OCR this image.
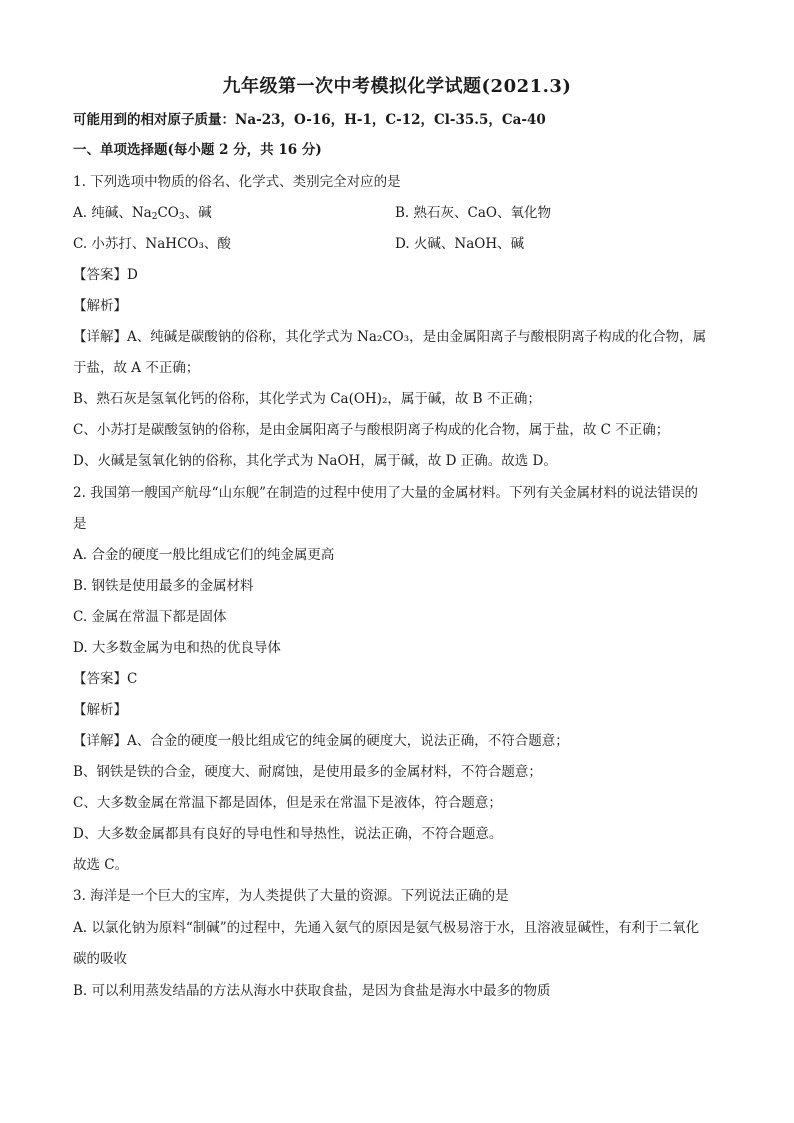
九年级第一次中考模拟化学试题(2021.3)
可能用到的相对原子质量：Na-23，O-16，H-1，C-12，Cl-35.5，Ca-40
一、单项选择题(每小题 2 分，共 16 分)
1. 下列选项中物质的俗名、化学式、类别完全对应的是
A. 纯碱、$Na_2CO_3$、碱	B. 熟石灰、CaO、氧化物
C. 小苏打、NaHCO₃、酸	D. 火碱、NaOH、碱
【答案】D
【解析】
【详解】A、纯碱是碳酸钠的俗称，其化学式为 Na₂CO₃，是由金属阳离子与酸根阴离子构成的化合物，属
于盐，故 A 不正确；
B、熟石灰是氢氧化钙的俗称，其化学式为 Ca(OH)₂，属于碱，故 B 不正确；
C、小苏打是碳酸氢钠的俗称，是由金属阳离子与酸根阴离子构成的化合物，属于盐，故 C 不正确；
D、火碱是氢氧化钠的俗称，其化学式为 NaOH，属于碱，故 D 正确。故选 D。
2. 我国第一艘国产航母“山东舰”在制造的过程中使用了大量的金属材料。下列有关金属材料的说法错误的
是
A. 合金的硬度一般比组成它们的纯金属更高
B. 钢铁是使用最多的金属材料
C. 金属在常温下都是固体
D. 大多数金属为电和热的优良导体
【答案】C
【解析】
【详解】A、合金的硬度一般比组成它的纯金属的硬度大，说法正确，不符合题意；
B、钢铁是铁的合金，硬度大、耐腐蚀，是使用最多的金属材料，不符合题意；
C、大多数金属在常温下都是固体，但是汞在常温下是液体，符合题意；
D、大多数金属都具有良好的导电性和导热性，说法正确，不符合题意。
故选 C。
3. 海洋是一个巨大的宝库，为人类提供了大量的资源。下列说法正确的是
A. 以氯化钠为原料“制碱”的过程中，先通入氨气的原因是氨气极易溶于水，且溶液显碱性，有利于二氧化
碳的吸收
B. 可以利用蒸发结晶的方法从海水中获取食盐，是因为食盐是海水中最多的物质
